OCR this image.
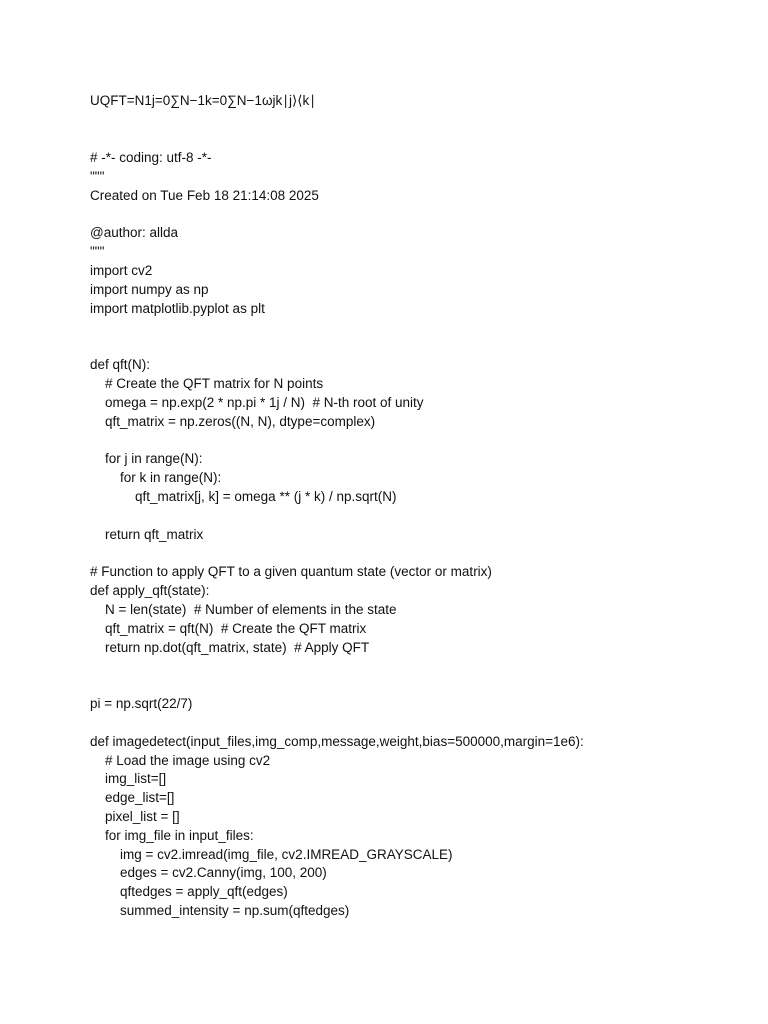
UQFT=N1j=0∑N−1k=0∑N−1ωjk∣j⟩⟨k∣
# -*- coding: utf-8 -*-
"""
Created on Tue Feb 18 21:14:08 2025
@author: allda
"""
import cv2
import numpy as np
import matplotlib.pyplot as plt
def qft(N):
# Create the QFT matrix for N points
omega = np.exp(2 * np.pi * 1j / N)  # N-th root of unity
qft_matrix = np.zeros((N, N), dtype=complex)
for j in range(N):
for k in range(N):
qft_matrix[j, k] = omega ** (j * k) / np.sqrt(N)
return qft_matrix
# Function to apply QFT to a given quantum state (vector or matrix)
def apply_qft(state):
N = len(state)  # Number of elements in the state
qft_matrix = qft(N)  # Create the QFT matrix
return np.dot(qft_matrix, state)  # Apply QFT
pi = np.sqrt(22/7)
def imagedetect(input_files,img_comp,message,weight,bias=500000,margin=1e6):
# Load the image using cv2
img_list=[]
edge_list=[]
pixel_list = []
for img_file in input_files:
img = cv2.imread(img_file, cv2.IMREAD_GRAYSCALE)
edges = cv2.Canny(img, 100, 200)
qftedges = apply_qft(edges)
summed_intensity = np.sum(qftedges)
